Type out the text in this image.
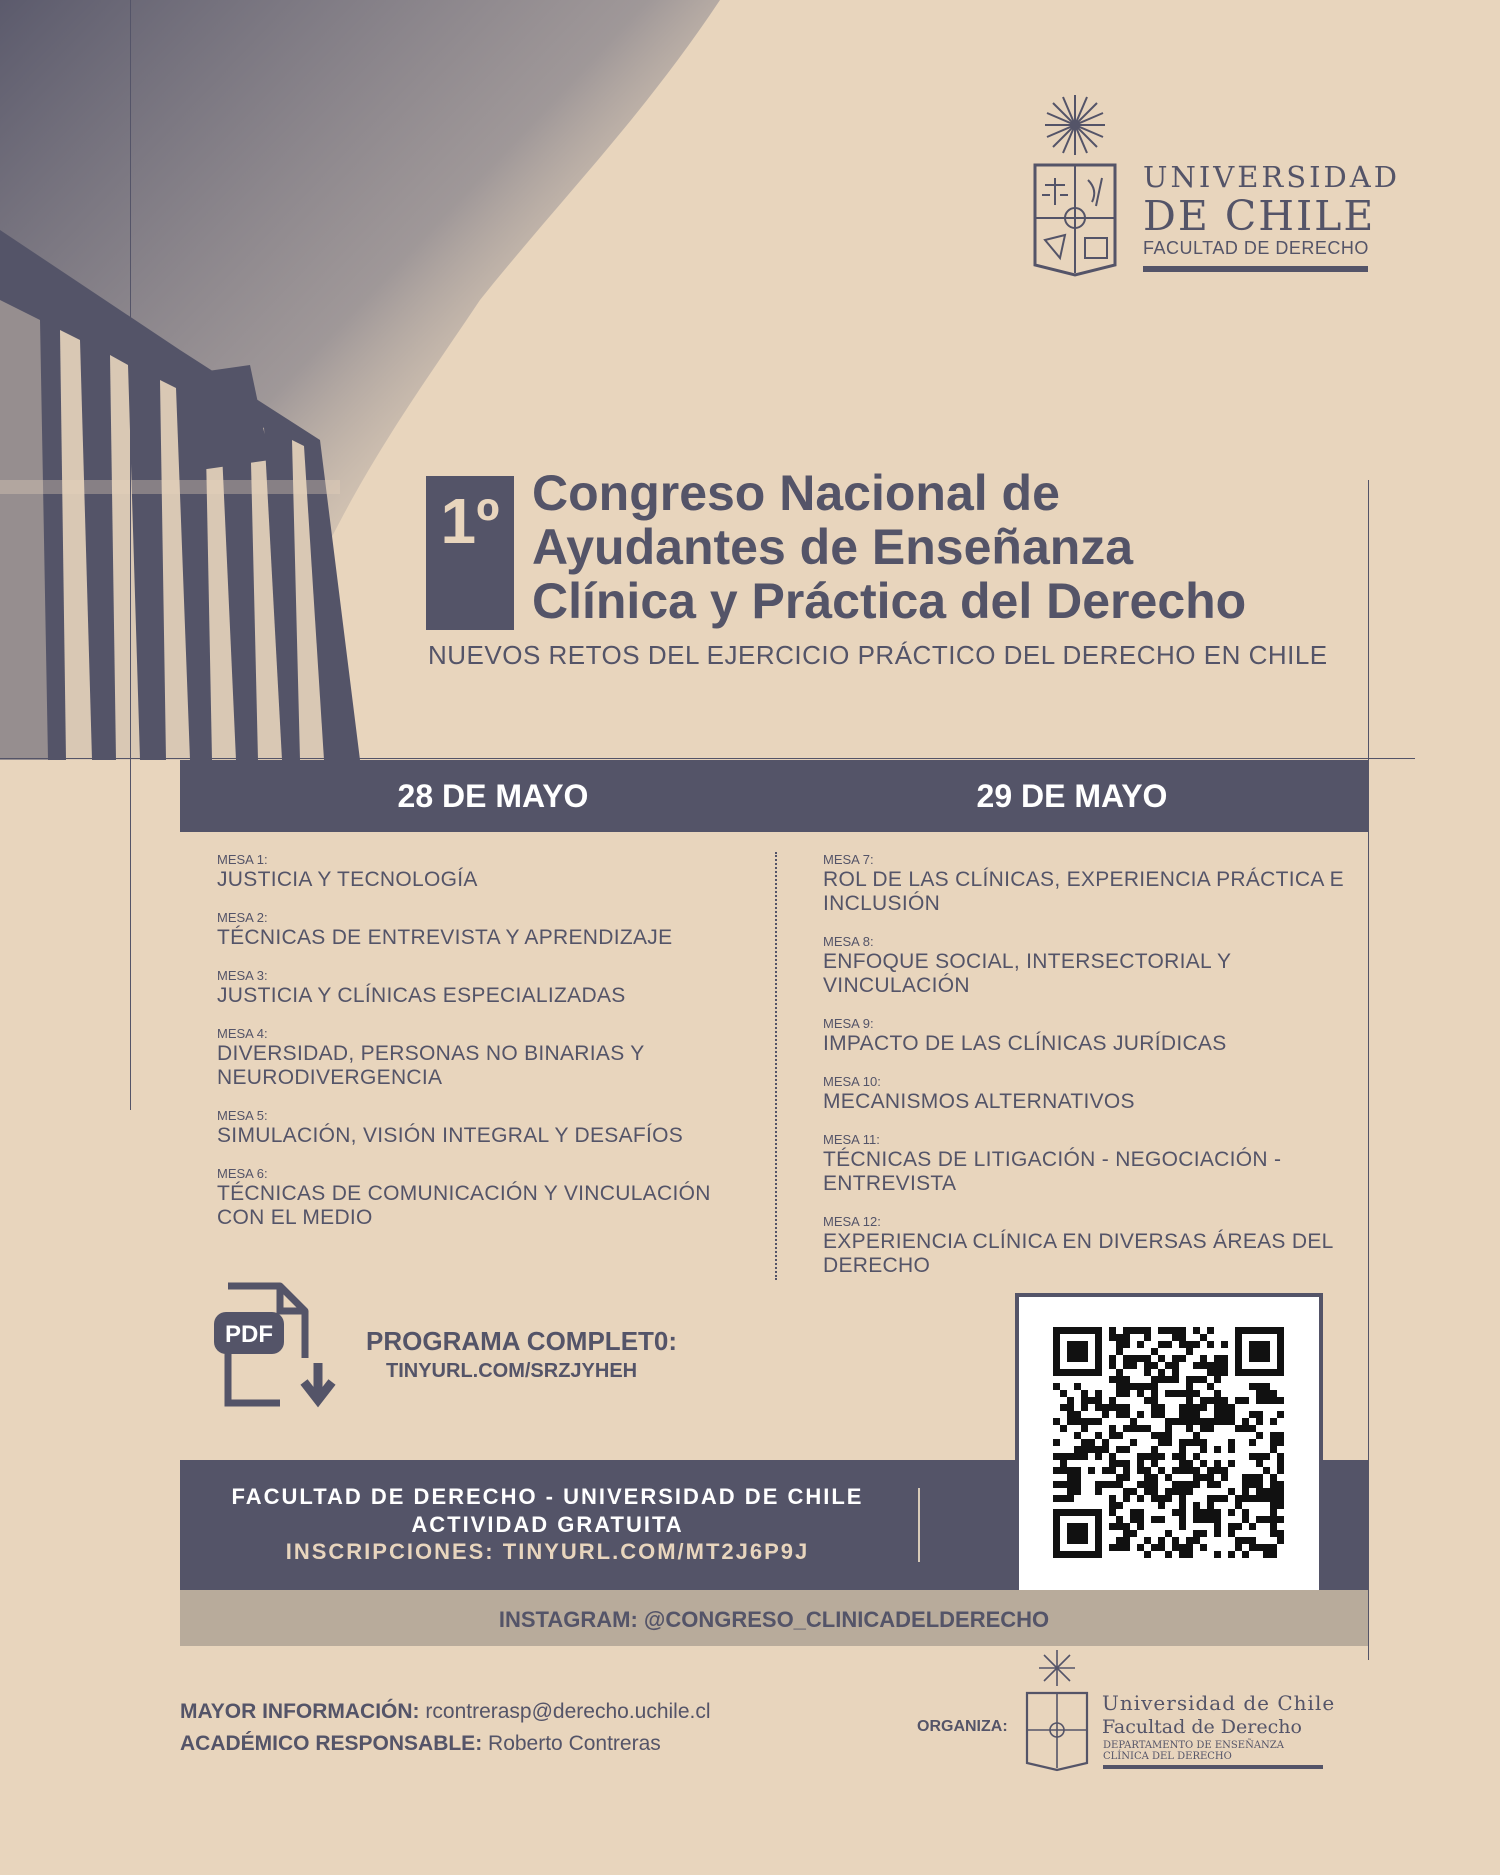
UNIVERSIDAD
DE CHILE
FACULTAD DE DERECHO
1º Congreso Nacional de
Ayudantes de Enseñanza
Clínica y Práctica del Derecho
NUEVOS RETOS DEL EJERCICIO PRÁCTICO DEL DERECHO EN CHILE
28 DE MAYO	29 DE MAYO

MESA 1:

JUSTICIA Y TECNOLOGÍA

MESA 2:

TÉCNICAS DE ENTREVISTA Y APRENDIZAJE

MESA 3:

JUSTICIA Y CLÍNICAS ESPECIALIZADAS

MESA 4:

DIVERSIDAD, PERSONAS NO BINARIAS Y NEURODIVERGENCIA

MESA 5:

SIMULACIÓN, VISIÓN INTEGRAL Y DESAFÍOS

MESA 6:

TÉCNICAS DE COMUNICACIÓN Y VINCULACIÓN CON EL MEDIO

MESA 7:

ROL DE LAS CLÍNICAS, EXPERIENCIA PRÁCTICA E INCLUSIÓN

MESA 8:

ENFOQUE SOCIAL, INTERSECTORIAL Y VINCULACIÓN

MESA 9:

IMPACTO DE LAS CLÍNICAS JURÍDICAS

MESA 10:

MECANISMOS ALTERNATIVOS

MESA 11:

TÉCNICAS DE LITIGACIÓN - NEGOCIACIÓN - ENTREVISTA

MESA 12:

EXPERIENCIA CLÍNICA EN DIVERSAS ÁREAS DEL DERECHO

PDF	PROGRAMA COMPLET0:
TINYURL.COM/SRZJYHEH
FACULTAD DE DERECHO - UNIVERSIDAD DE CHILE
ACTIVIDAD GRATUITA
INSCRIPCIONES: TINYURL.COM/MT2J6P9J
INSTAGRAM: @CONGRESO_CLINICADELDERECHO
MAYOR INFORMACIÓN: rcontrerasp@derecho.uchile.cl
ACADÉMICO RESPONSABLE: Roberto Contreras
ORGANIZA:
Universidad de Chile
Facultad de Derecho
DEPARTAMENTO DE ENSEÑANZA CLÍNICA DEL DERECHO
